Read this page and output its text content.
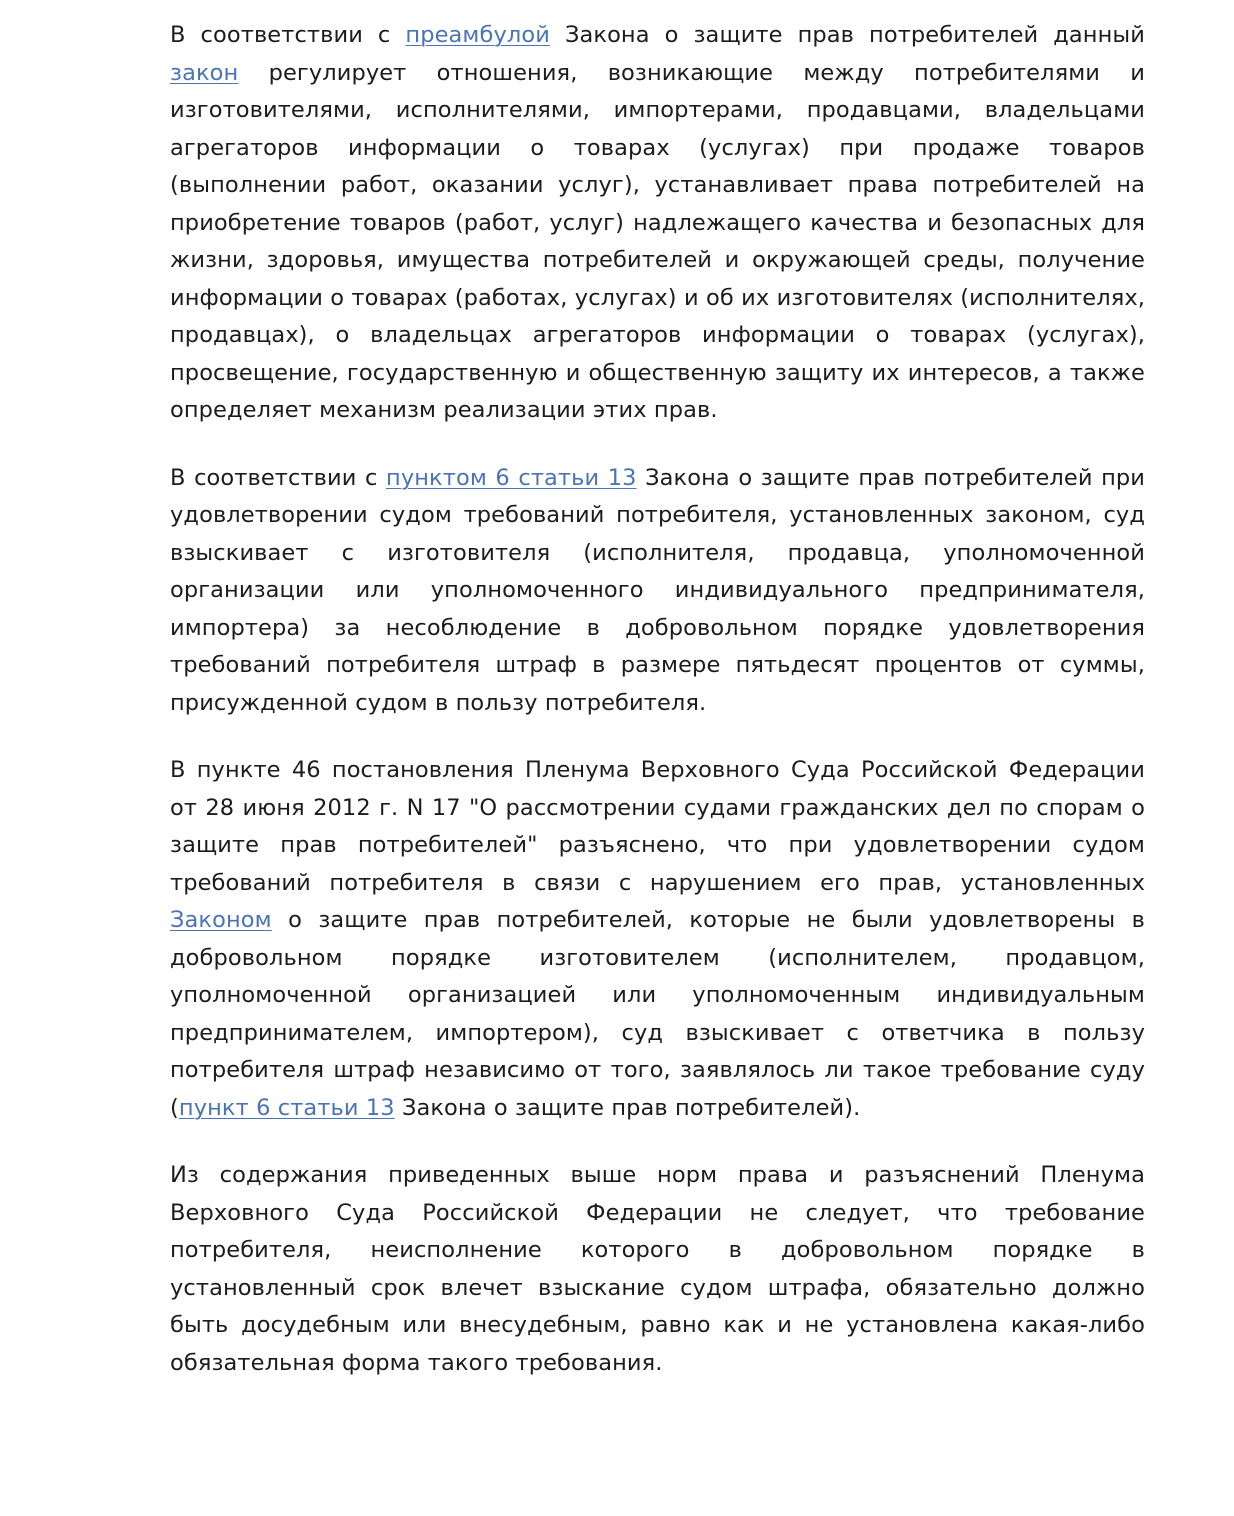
В соответствии с преамбулой Закона о защите прав потребителей данный закон регулирует отношения, возникающие между потребителями и изготовителями, исполнителями, импортерами, продавцами, владельцами агрегаторов информации о товарах (услугах) при продаже товаров (выполнении работ, оказании услуг), устанавливает права потребителей на приобретение товаров (работ, услуг) надлежащего качества и безопасных для жизни, здоровья, имущества потребителей и окружающей среды, получение информации о товарах (работах, услугах) и об их изготовителях (исполнителях, продавцах), о владельцах агрегаторов информации о товарах (услугах), просвещение, государственную и общественную защиту их интересов, а также определяет механизм реализации этих прав.

В соответствии с пунктом 6 статьи 13 Закона о защите прав потребителей при удовлетворении судом требований потребителя, установленных законом, суд взыскивает с изготовителя (исполнителя, продавца, уполномоченной организации или уполномоченного индивидуального предпринимателя, импортера) за несоблюдение в добровольном порядке удовлетворения требований потребителя штраф в размере пятьдесят процентов от суммы, присужденной судом в пользу потребителя.

В пункте 46 постановления Пленума Верховного Суда Российской Федерации от 28 июня 2012 г. N 17 "О рассмотрении судами гражданских дел по спорам о защите прав потребителей" разъяснено, что при удовлетворении судом требований потребителя в связи с нарушением его прав, установленных Законом о защите прав потребителей, которые не были удовлетворены в добровольном порядке изготовителем (исполнителем, продавцом, уполномоченной организацией или уполномоченным индивидуальным предпринимателем, импортером), суд взыскивает с ответчика в пользу потребителя штраф независимо от того, заявлялось ли такое требование суду (пункт 6 статьи 13 Закона о защите прав потребителей).

Из содержания приведенных выше норм права и разъяснений Пленума Верховного Суда Российской Федерации не следует, что требование потребителя, неисполнение которого в добровольном порядке в установленный срок влечет взыскание судом штрафа, обязательно должно быть досудебным или внесудебным, равно как и не установлена какая-либо обязательная форма такого требования.
